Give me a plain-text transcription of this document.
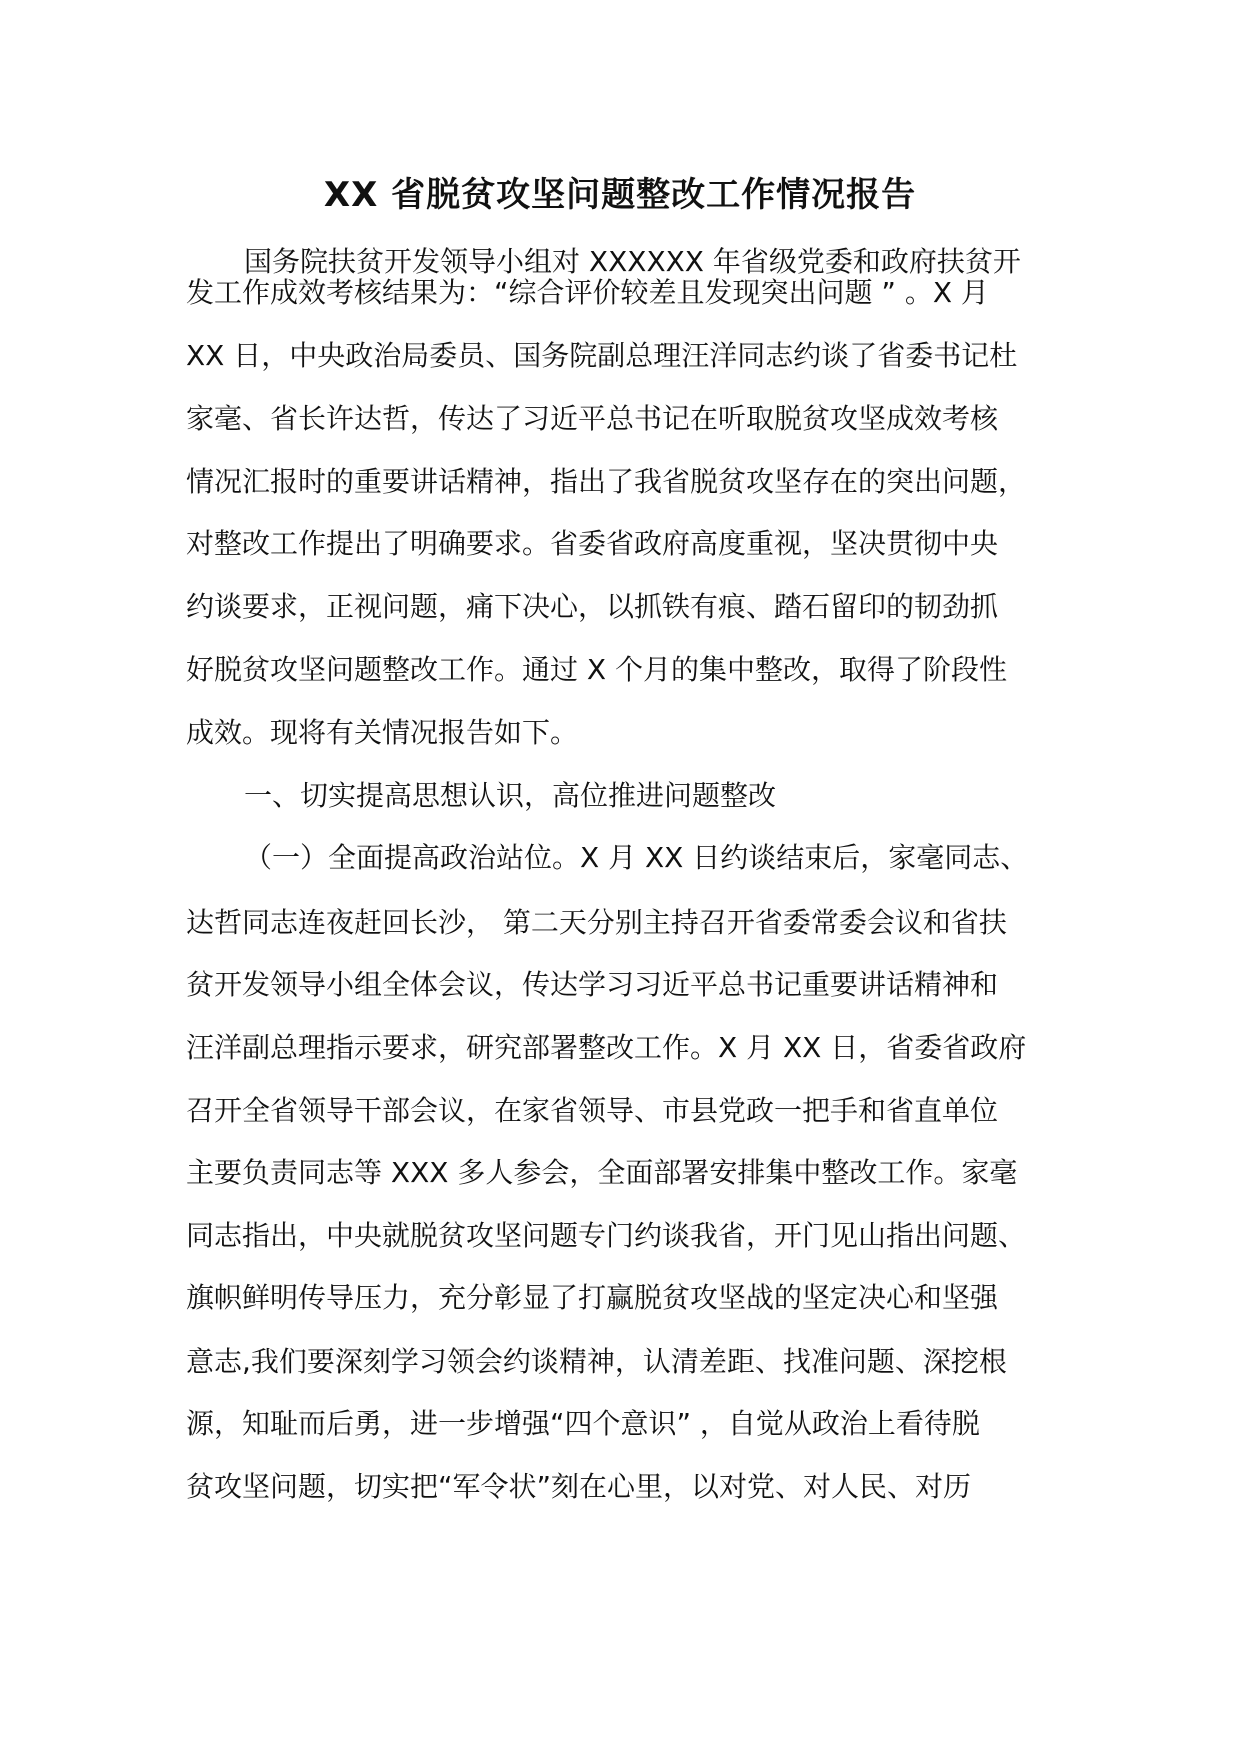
XX 省脱贫攻坚问题整改工作情况报告

国务院扶贫开发领导小组对 XXXXXX 年省级党委和政府扶贫开

发工作成效考核结果为：“综合评价较差且发现突出问题 ” 。X 月

XX 日，中央政治局委员、国务院副总理汪洋同志约谈了省委书记杜

家毫、省长许达哲，传达了习近平总书记在听取脱贫攻坚成效考核

情况汇报时的重要讲话精神，指出了我省脱贫攻坚存在的突出问题，

对整改工作提出了明确要求。省委省政府高度重视，坚决贯彻中央

约谈要求，正视问题，痛下决心，以抓铁有痕、踏石留印的韧劲抓

好脱贫攻坚问题整改工作。通过 X 个月的集中整改，取得了阶段性

成效。现将有关情况报告如下。

一、切实提高思想认识，高位推进问题整改

（一）全面提高政治站位。X 月 XX 日约谈结束后，家毫同志、

达哲同志连夜赶回长沙， 第二天分别主持召开省委常委会议和省扶

贫开发领导小组全体会议，传达学习习近平总书记重要讲话精神和

汪洋副总理指示要求，研究部署整改工作。X 月 XX 日，省委省政府

召开全省领导干部会议，在家省领导、市县党政一把手和省直单位

主要负责同志等 XXX 多人参会，全面部署安排集中整改工作。家毫

同志指出，中央就脱贫攻坚问题专门约谈我省，开门见山指出问题、

旗帜鲜明传导压力，充分彰显了打赢脱贫攻坚战的坚定决心和坚强

意志,我们要深刻学习领会约谈精神，认清差距、找准问题、深挖根

源，知耻而后勇，进一步增强“四个意识” ，自觉从政治上看待脱

贫攻坚问题，切实把“军令状”刻在心里，以对党、对人民、对历
